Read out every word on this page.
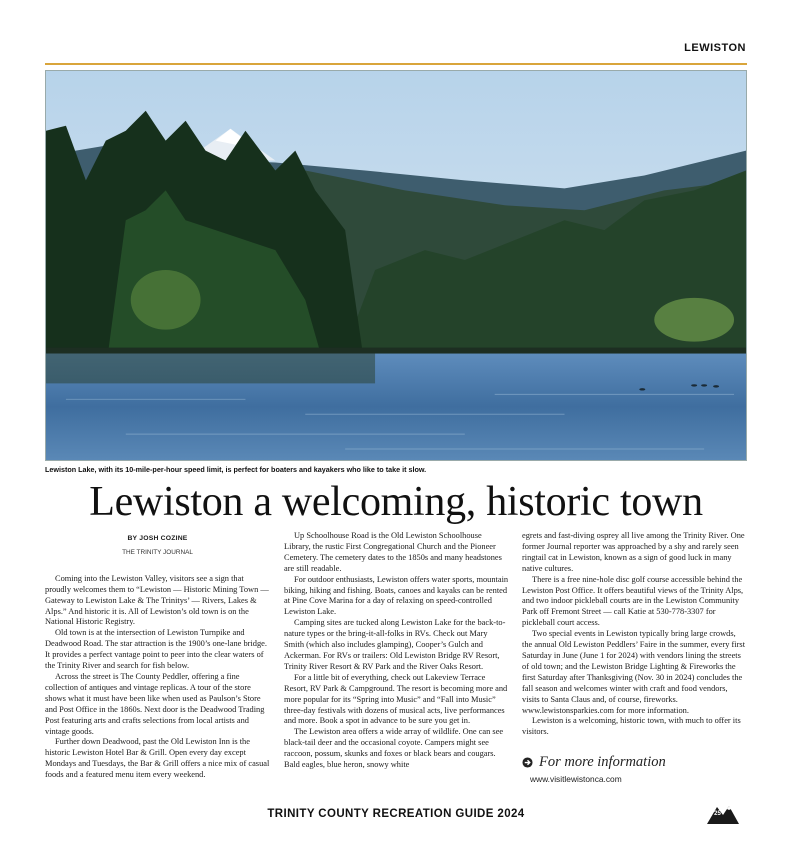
LEWISTON
Lewiston Lake, with its 10-mile-per-hour speed limit, is perfect for boaters and kayakers who like to take it slow.
Lewiston a welcoming, historic town
BY JOSH COZINE
THE TRINITY JOURNAL

Coming into the Lewiston Valley, visitors see a sign that proudly welcomes them to “Lewiston — Historic Mining Town — Gateway to Lewiston Lake & The Trinitys’ — Rivers, Lakes & Alps.” And historic it is. All of Lewiston’s old town is on the National Historic Registry.

Old town is at the intersection of Lewiston Turnpike and Deadwood Road. The star attraction is the 1900’s one-lane bridge. It provides a perfect vantage point to peer into the clear waters of the Trinity River and search for fish below.

Across the street is The County Peddler, offering a fine collection of antiques and vintage replicas. A tour of the store shows what it must have been like when used as Paulson’s Store and Post Office in the 1860s. Next door is the Deadwood Trading Post featuring arts and crafts selections from local artists and vintage goods.

Further down Deadwood, past the Old Lewiston Inn is the historic Lewiston Hotel Bar & Grill. Open every day except Mondays and Tuesdays, the Bar & Grill offers a nice mix of casual foods and a featured menu item every weekend.

Up Schoolhouse Road is the Old Lewiston Schoolhouse Library, the rustic First Congregational Church and the Pioneer Cemetery. The cemetery dates to the 1850s and many headstones are still readable.

For outdoor enthusiasts, Lewiston offers water sports, mountain biking, hiking and fishing. Boats, canoes and kayaks can be rented at Pine Cove Marina for a day of relaxing on speed-controlled Lewiston Lake.

Camping sites are tucked along Lewiston Lake for the back-to-nature types or the bring-it-all-folks in RVs. Check out Mary Smith (which also includes glamping), Cooper’s Gulch and Ackerman. For RVs or trailers: Old Lewiston Bridge RV Resort, Trinity River Resort & RV Park and the River Oaks Resort.

For a little bit of everything, check out Lakeview Terrace Resort, RV Park & Campground. The resort is becoming more and more popular for its “Spring into Music” and “Fall into Music” three-day festivals with dozens of musical acts, live performances and more. Book a spot in advance to be sure you get in.

The Lewiston area offers a wide array of wildlife. One can see black-tail deer and the occasional coyote. Campers might see raccoon, possum, skunks and foxes or black bears and cougars. Bald eagles, blue heron, snowy white

egrets and fast-diving osprey all live among the Trinity River. One former Journal reporter was approached by a shy and rarely seen ringtail cat in Lewiston, known as a sign of good luck in many native cultures.

There is a free nine-hole disc golf course accessible behind the Lewiston Post Office. It offers beautiful views of the Trinity Alps, and two indoor pickleball courts are in the Lewiston Community Park off Fremont Street — call Katie at 530-778-3307 for pickleball court access.

Two special events in Lewiston typically bring large crowds, the annual Old Lewiston Peddlers’ Faire in the summer, every first Saturday in June (June 1 for 2024) with vendors lining the streets of old town; and the Lewiston Bridge Lighting & Fireworks the first Saturday after Thanksgiving (Nov. 30 in 2024) concludes the fall season and welcomes winter with craft and food vendors, visits to Santa Claus and, of course, fireworks. www.lewistonsparkies.com for more information.

Lewiston is a welcoming, historic town, with much to offer its visitors.

For more information
www.visitlewistonca.com
TRINITY COUNTY RECREATION GUIDE 2024	25
